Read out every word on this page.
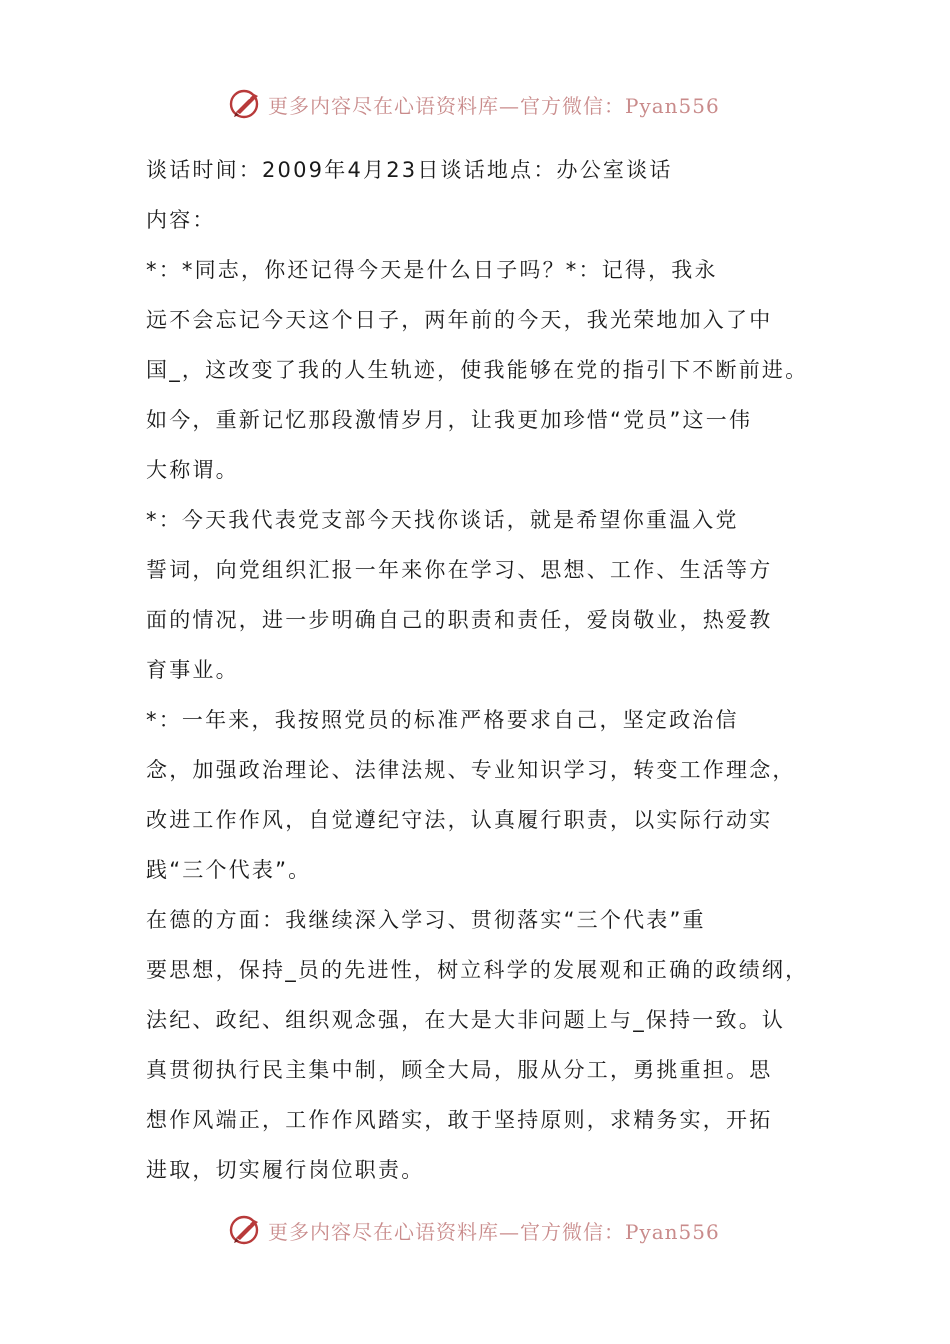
更多内容尽在心语资料库—官方微信：Pyan556
谈话时间：2009年4月23日谈话地点：办公室谈话
内容：
*：*同志，你还记得今天是什么日子吗？*：记得，我永
远不会忘记今天这个日子，两年前的今天，我光荣地加入了中
国_，这改变了我的人生轨迹，使我能够在党的指引下不断前进。
如今，重新记忆那段激情岁月，让我更加珍惜“党员”这一伟
大称谓。
*：今天我代表党支部今天找你谈话，就是希望你重温入党
誓词，向党组织汇报一年来你在学习、思想、工作、生活等方
面的情况，进一步明确自己的职责和责任，爱岗敬业，热爱教
育事业。
*：一年来，我按照党员的标准严格要求自己，坚定政治信
念，加强政治理论、法律法规、专业知识学习，转变工作理念，
改进工作作风，自觉遵纪守法，认真履行职责，以实际行动实
践“三个代表”。
在德的方面：我继续深入学习、贯彻落实“三个代表”重
要思想，保持_员的先进性，树立科学的发展观和正确的政绩纲，
法纪、政纪、组织观念强，在大是大非问题上与_保持一致。认
真贯彻执行民主集中制，顾全大局，服从分工，勇挑重担。思
想作风端正，工作作风踏实，敢于坚持原则，求精务实，开拓
进取，切实履行岗位职责。
更多内容尽在心语资料库—官方微信：Pyan556
